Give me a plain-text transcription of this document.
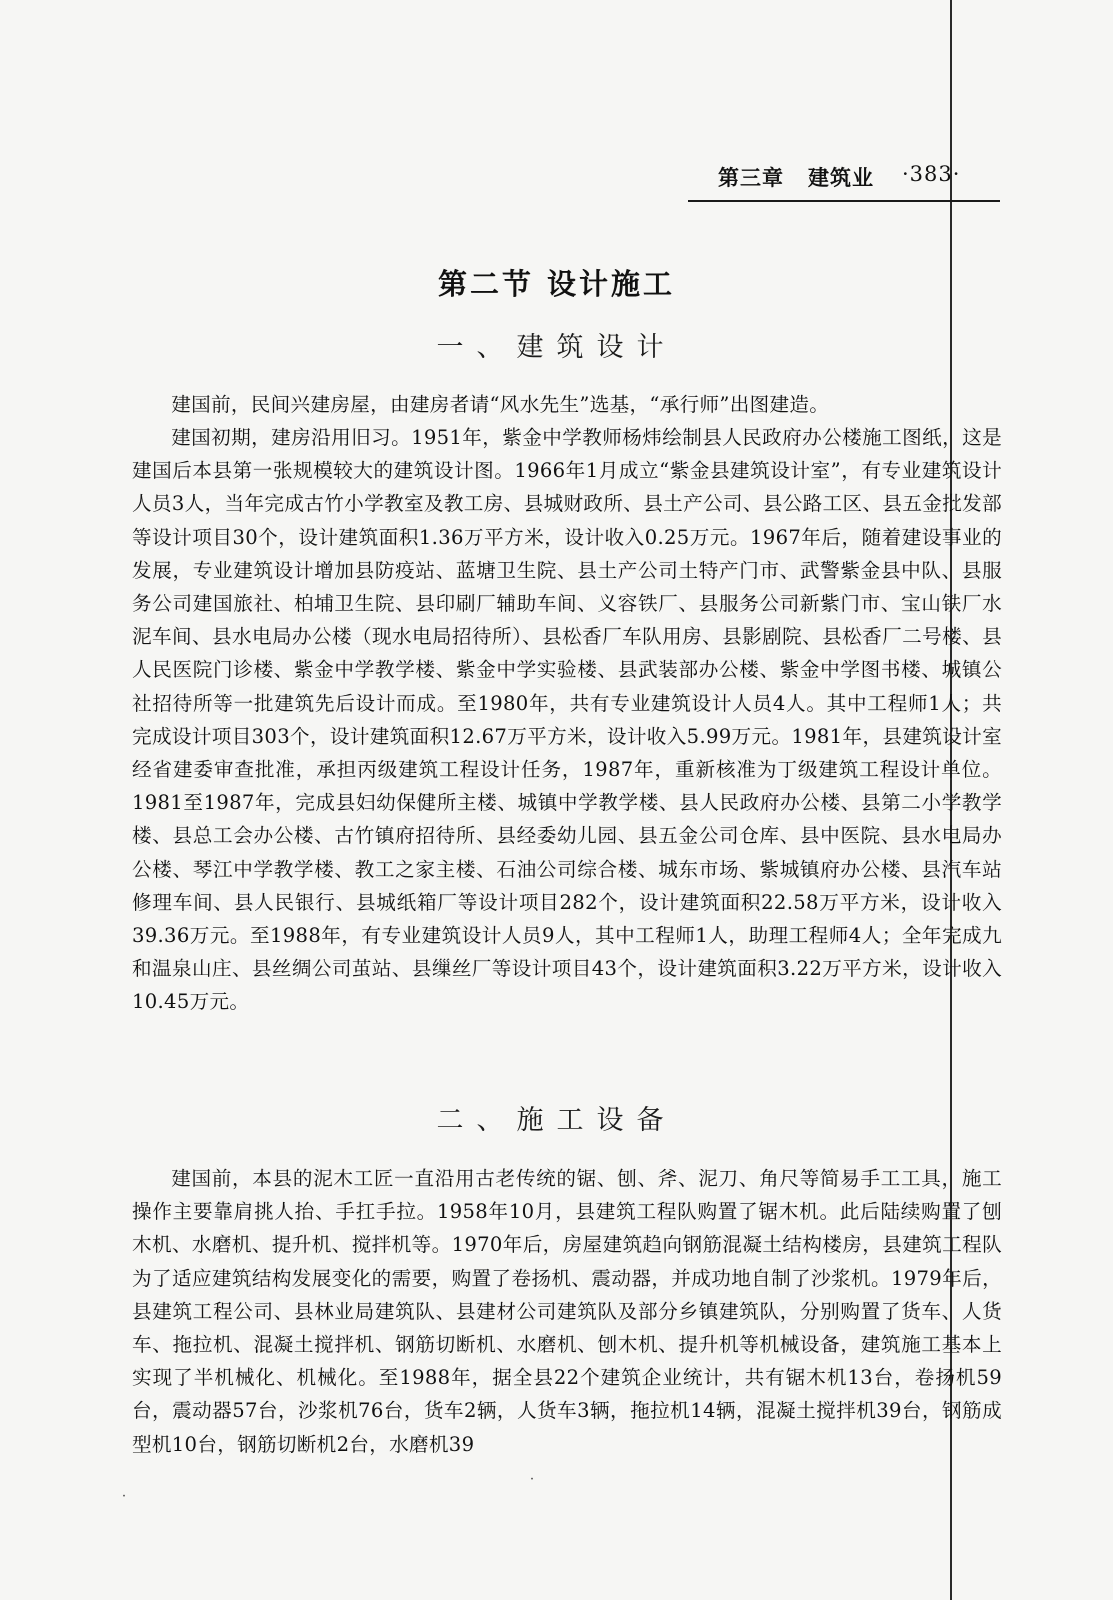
第三章 建筑业 ·383·
第二节 设计施工
一、建筑设计

建国前，民间兴建房屋，由建房者请“风水先生”选基，“承行师”出图建造。

建国初期，建房沿用旧习。1951年，紫金中学教师杨炜绘制县人民政府办公楼施工图纸，这是建国后本县第一张规模较大的建筑设计图。1966年1月成立“紫金县建筑设计室”，有专业建筑设计人员3人，当年完成古竹小学教室及教工房、县城财政所、县土产公司、县公路工区、县五金批发部等设计项目30个，设计建筑面积1.36万平方米，设计收入0.25万元。1967年后，随着建设事业的发展，专业建筑设计增加县防疫站、蓝塘卫生院、县土产公司土特产门市、武警紫金县中队、县服务公司建国旅社、柏埔卫生院、县印刷厂辅助车间、义容铁厂、县服务公司新紫门市、宝山铁厂水泥车间、县水电局办公楼（现水电局招待所）、县松香厂车队用房、县影剧院、县松香厂二号楼、县人民医院门诊楼、紫金中学教学楼、紫金中学实验楼、县武装部办公楼、紫金中学图书楼、城镇公社招待所等一批建筑先后设计而成。至1980年，共有专业建筑设计人员4人。其中工程师1人；共完成设计项目303个，设计建筑面积12.67万平方米，设计收入5.99万元。1981年，县建筑设计室经省建委审查批准，承担丙级建筑工程设计任务，1987年，重新核准为丁级建筑工程设计单位。1981至1987年，完成县妇幼保健所主楼、城镇中学教学楼、县人民政府办公楼、县第二小学教学楼、县总工会办公楼、古竹镇府招待所、县经委幼儿园、县五金公司仓库、县中医院、县水电局办公楼、琴江中学教学楼、教工之家主楼、石油公司综合楼、城东市场、紫城镇府办公楼、县汽车站修理车间、县人民银行、县城纸箱厂等设计项目282个，设计建筑面积22.58万平方米，设计收入39.36万元。至1988年，有专业建筑设计人员9人，其中工程师1人，助理工程师4人；全年完成九和温泉山庄、县丝绸公司茧站、县缫丝厂等设计项目43个，设计建筑面积3.22万平方米，设计收入10.45万元。

二、施工设备

建国前，本县的泥木工匠一直沿用古老传统的锯、刨、斧、泥刀、角尺等简易手工工具，施工操作主要靠肩挑人抬、手扛手拉。1958年10月，县建筑工程队购置了锯木机。此后陆续购置了刨木机、水磨机、提升机、搅拌机等。1970年后，房屋建筑趋向钢筋混凝土结构楼房，县建筑工程队为了适应建筑结构发展变化的需要，购置了卷扬机、震动器，并成功地自制了沙浆机。1979年后，县建筑工程公司、县林业局建筑队、县建材公司建筑队及部分乡镇建筑队，分别购置了货车、人货车、拖拉机、混凝土搅拌机、钢筋切断机、水磨机、刨木机、提升机等机械设备，建筑施工基本上实现了半机械化、机械化。至1988年，据全县22个建筑企业统计，共有锯木机13台，卷扬机59台，震动器57台，沙浆机76台，货车2辆，人货车3辆，拖拉机14辆，混凝土搅拌机39台，钢筋成型机10台，钢筋切断机2台，水磨机39

˙
˙
